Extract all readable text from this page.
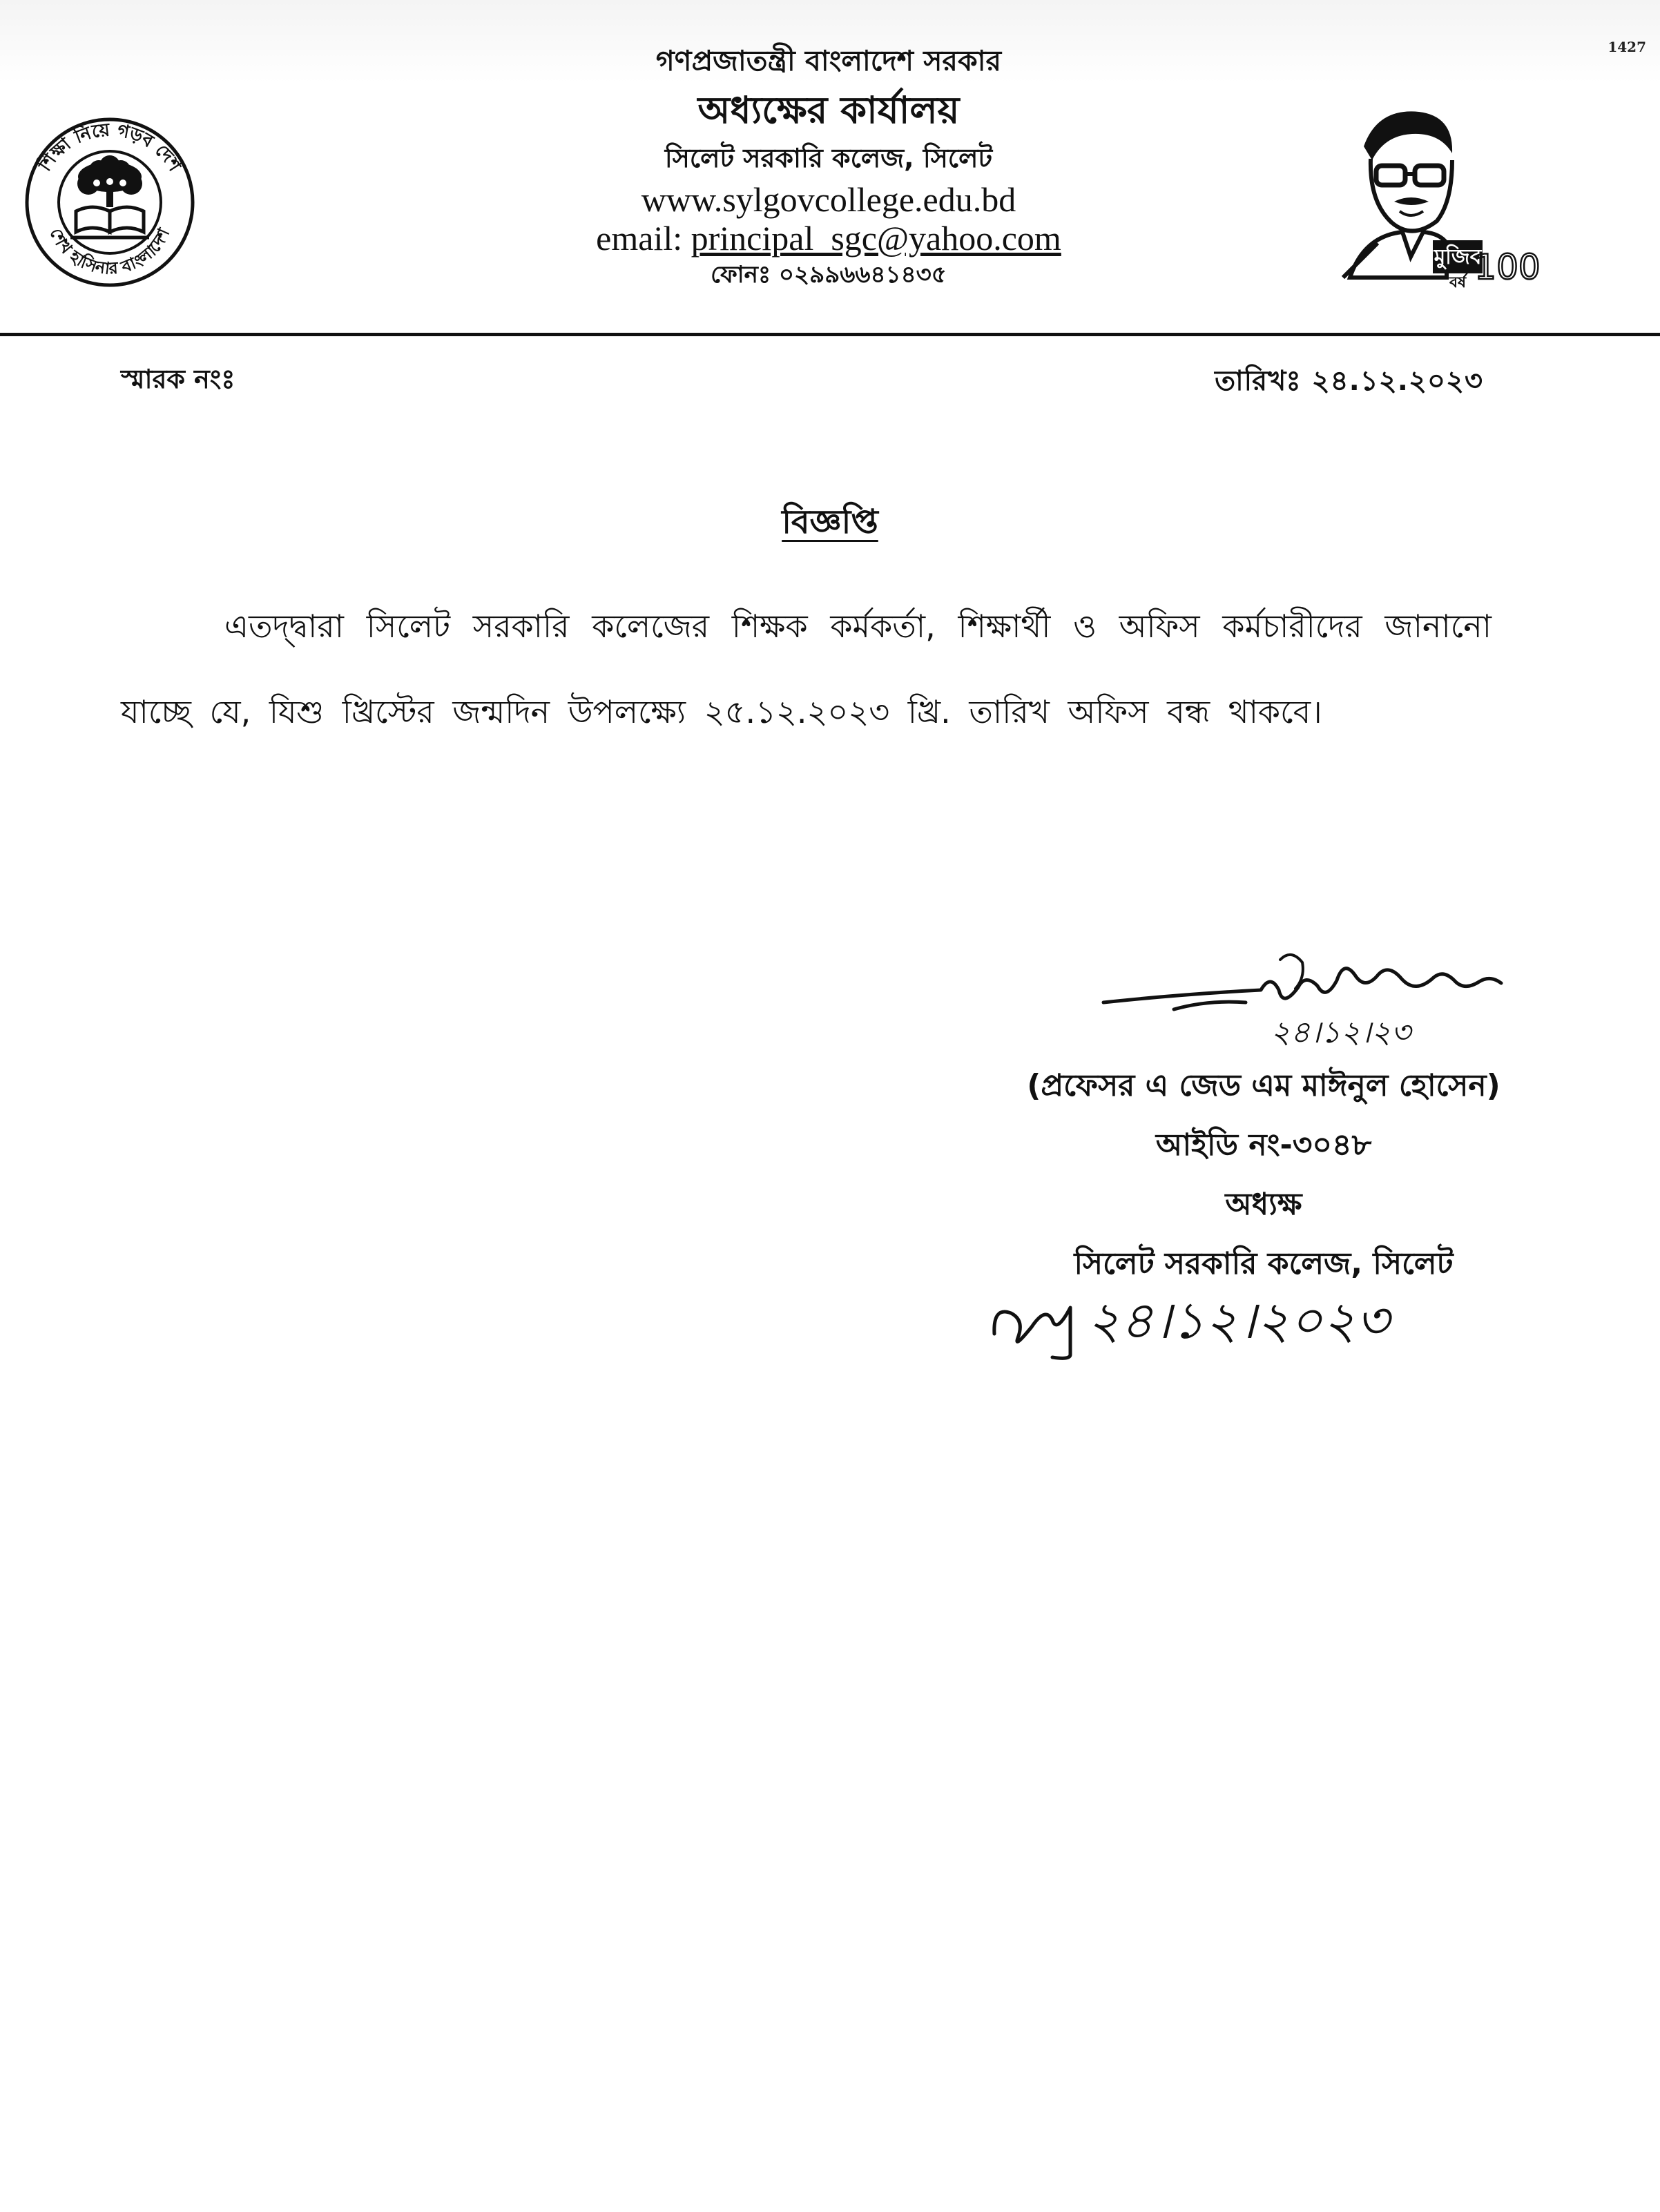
1427
শিক্ষা নিয়ে গড়ব দেশ
শেখ হাসিনার বাংলাদেশ
গণপ্রজাতন্ত্রী বাংলাদেশ সরকার
অধ্যক্ষের কার্যালয়
সিলেট সরকারি কলেজ, সিলেট
www.sylgovcollege.edu.bd
email: principal_sgc@yahoo.com
ফোনঃ ০২৯৯৬৬৪১৪৩৫
মুজিব
বর্ষ 100
স্মারক নংঃ	তারিখঃ ২৪.১২.২০২৩
বিজ্ঞপ্তি
এতদ্দ্বারা সিলেট সরকারি কলেজের শিক্ষক কর্মকর্তা, শিক্ষার্থী ও অফিস কর্মচারীদের জানানো যাচ্ছে যে, যিশু খ্রিস্টের জন্মদিন উপলক্ষ্যে ২৫.১২.২০২৩ খ্রি. তারিখ অফিস বন্ধ থাকবে।
২৪।১২।২৩
(প্রফেসর এ জেড এম মাঈনুল হোসেন)
আইডি নং-৩০৪৮
অধ্যক্ষ
সিলেট সরকারি কলেজ, সিলেট
২৪।১২।২০২৩
